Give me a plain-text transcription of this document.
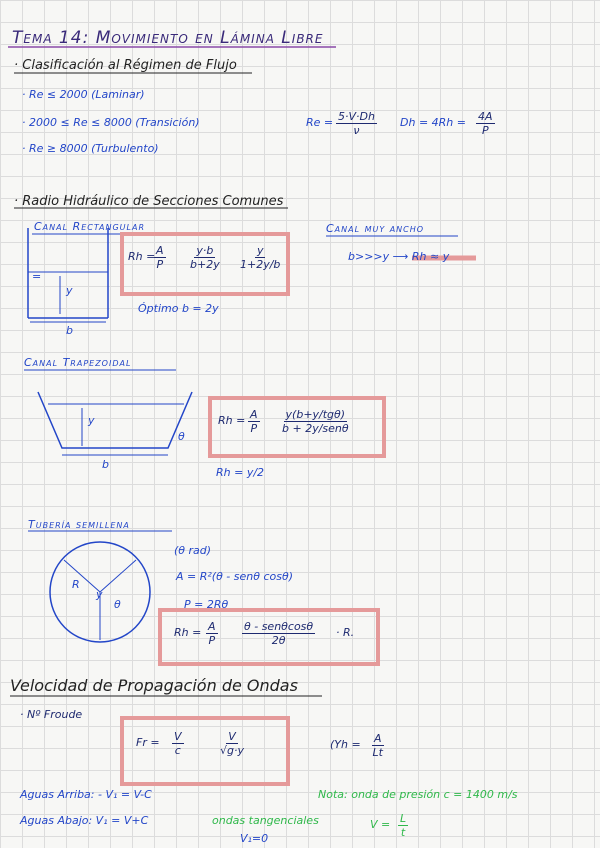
Tema 14: Movimiento en Lámina Libre
· Clasificación al Régimen de Flujo
· Re ≤ 2000 (Laminar)
· 2000 ≤ Re ≤ 8000 (Transición)
· Re ≥ 8000 (Turbulento)
$Re = \frac{5\cdot V\cdot Dh}{\nu}$ $Dh = 4Rh = \frac{4A}{P}$
· Radio Hidráulico de Secciones Comunes
Canal Rectangular
y
b
=
Rh =
$\frac{A}{P} \frac{y\cdot b}{b+2y} \frac{y}{1+2y/b}$
Óptimo b = 2y
Canal muy ancho
b>>>y ⟶ Rh ≈ y
Canal Trapezoidal
y
b
θ
$Rh = \frac{A}{P} y(b+y/tg\theta)$
b + 2y/senθ
Rh = y/2
Tubería semillena
R
y
θ
(θ rad)
A = R²(θ - senθ cosθ)
P = 2Rθ
$Rh = \frac{A}{P}$ θ - senθcosθ
2θ
· R.
Velocidad de Propagación de Ondas
· Nº Froude
$Fr = \frac{V}{c}$	$\frac{V}{√g\cdot y}$	($Yh = \frac{A}{Lt}$
Aguas Arriba: - V₁ = V-C
Aguas Abajo: V₁ = V+C	ondas tangenciales
V₁=0
Nota: onda de presión c = 1400 m/s
$V = \frac{L}{t}$
